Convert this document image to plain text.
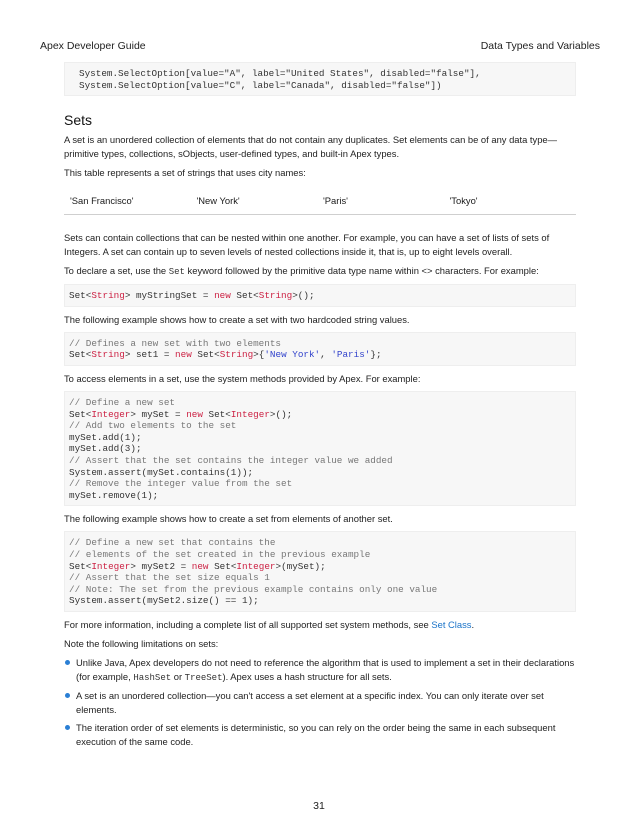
Apex Developer Guide	Data Types and Variables
System.SelectOption[value="A", label="United States", disabled="false"],
System.SelectOption[value="C", label="Canada", disabled="false"])
Sets

A set is an unordered collection of elements that do not contain any duplicates. Set elements can be of any data type—primitive types, collections, sObjects, user-defined types, and built-in Apex types.

This table represents a set of strings that uses city names:

'San Francisco'	'New York'	'Paris'	'Tokyo'

Sets can contain collections that can be nested within one another. For example, you can have a set of lists of sets of Integers. A set can contain up to seven levels of nested collections inside it, that is, up to eight levels overall.

To declare a set, use the Set keyword followed by the primitive data type name within <> characters. For example:

Set<String> myStringSet = new Set<String>();

The following example shows how to create a set with two hardcoded string values.

// Defines a new set with two elements
Set<String> set1 = new Set<String>{'New York', 'Paris'};

To access elements in a set, use the system methods provided by Apex. For example:

// Define a new set
Set<Integer> mySet = new Set<Integer>();
// Add two elements to the set
mySet.add(1);
mySet.add(3);
// Assert that the set contains the integer value we added
System.assert(mySet.contains(1));
// Remove the integer value from the set
mySet.remove(1);

The following example shows how to create a set from elements of another set.

// Define a new set that contains the
// elements of the set created in the previous example
Set<Integer> mySet2 = new Set<Integer>(mySet);
// Assert that the set size equals 1
// Note: The set from the previous example contains only one value
System.assert(mySet2.size() == 1);

For more information, including a complete list of all supported set system methods, see Set Class.

Note the following limitations on sets:

Unlike Java, Apex developers do not need to reference the algorithm that is used to implement a set in their declarations (for example, HashSet or TreeSet). Apex uses a hash structure for all sets.
A set is an unordered collection—you can't access a set element at a specific index. You can only iterate over set elements.
The iteration order of set elements is deterministic, so you can rely on the order being the same in each subsequent execution of the same code.
31
